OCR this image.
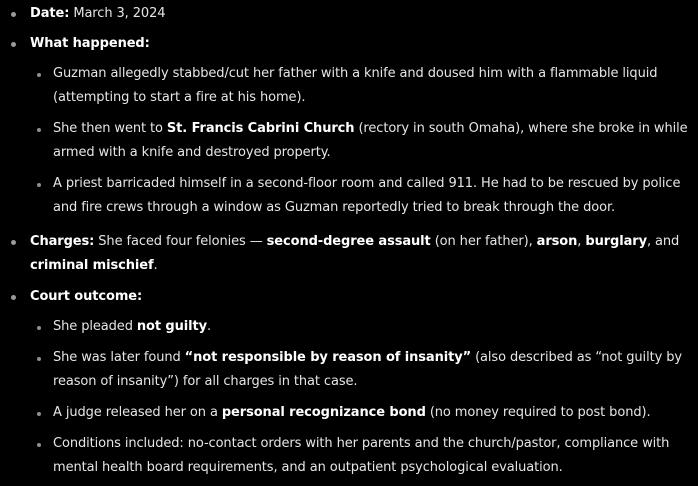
Date: March 3, 2024
What happened:
Guzman allegedly stabbed/cut her father with a knife and doused him with a flammable liquid
(attempting to start a fire at his home).
She then went to St. Francis Cabrini Church (rectory in south Omaha), where she broke in while
armed with a knife and destroyed property.
A priest barricaded himself in a second-floor room and called 911. He had to be rescued by police
and fire crews through a window as Guzman reportedly tried to break through the door.
Charges: She faced four felonies — second-degree assault (on her father), arson, burglary, and
criminal mischief.
Court outcome:
She pleaded not guilty.
She was later found “not responsible by reason of insanity” (also described as “not guilty by
reason of insanity”) for all charges in that case.
A judge released her on a personal recognizance bond (no money required to post bond).
Conditions included: no-contact orders with her parents and the church/pastor, compliance with
mental health board requirements, and an outpatient psychological evaluation.
